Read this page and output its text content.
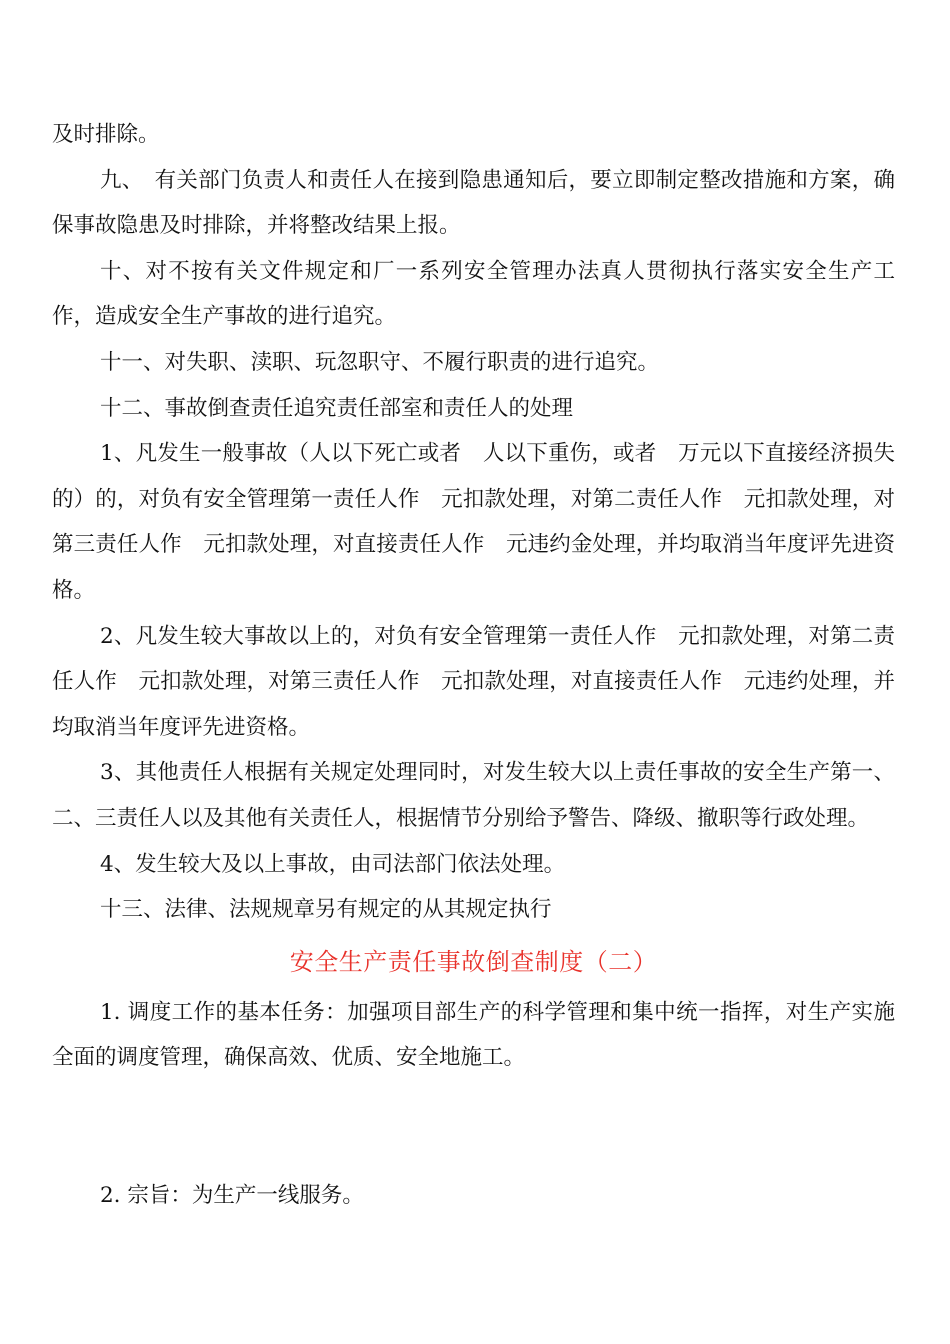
及时排除。

九、　有关部门负责人和责任人在接到隐患通知后，要立即制定整改措施和方案，确保事故隐患及时排除，并将整改结果上报。

十、对不按有关文件规定和厂一系列安全管理办法真人贯彻执行落实安全生产工作，造成安全生产事故的进行追究。

十一、对失职、渎职、玩忽职守、不履行职责的进行追究。

十二、事故倒查责任追究责任部室和责任人的处理

1、凡发生一般事故（人以下死亡或者　人以下重伤，或者　万元以下直接经济损失的）的，对负有安全管理第一责任人作　元扣款处理，对第二责任人作　元扣款处理，对第三责任人作　元扣款处理，对直接责任人作　元违约金处理，并均取消当年度评先进资格。

2、凡发生较大事故以上的，对负有安全管理第一责任人作　元扣款处理，对第二责任人作　元扣款处理，对第三责任人作　元扣款处理，对直接责任人作　元违约处理，并均取消当年度评先进资格。

3、其他责任人根据有关规定处理同时，对发生较大以上责任事故的安全生产第一、二、三责任人以及其他有关责任人，根据情节分别给予警告、降级、撤职等行政处理。

4、发生较大及以上事故，由司法部门依法处理。

十三、法律、法规规章另有规定的从其规定执行

安全生产责任事故倒查制度（二）

1. 调度工作的基本任务：加强项目部生产的科学管理和集中统一指挥，对生产实施全面的调度管理，确保高效、优质、安全地施工。

2. 宗旨：为生产一线服务。
